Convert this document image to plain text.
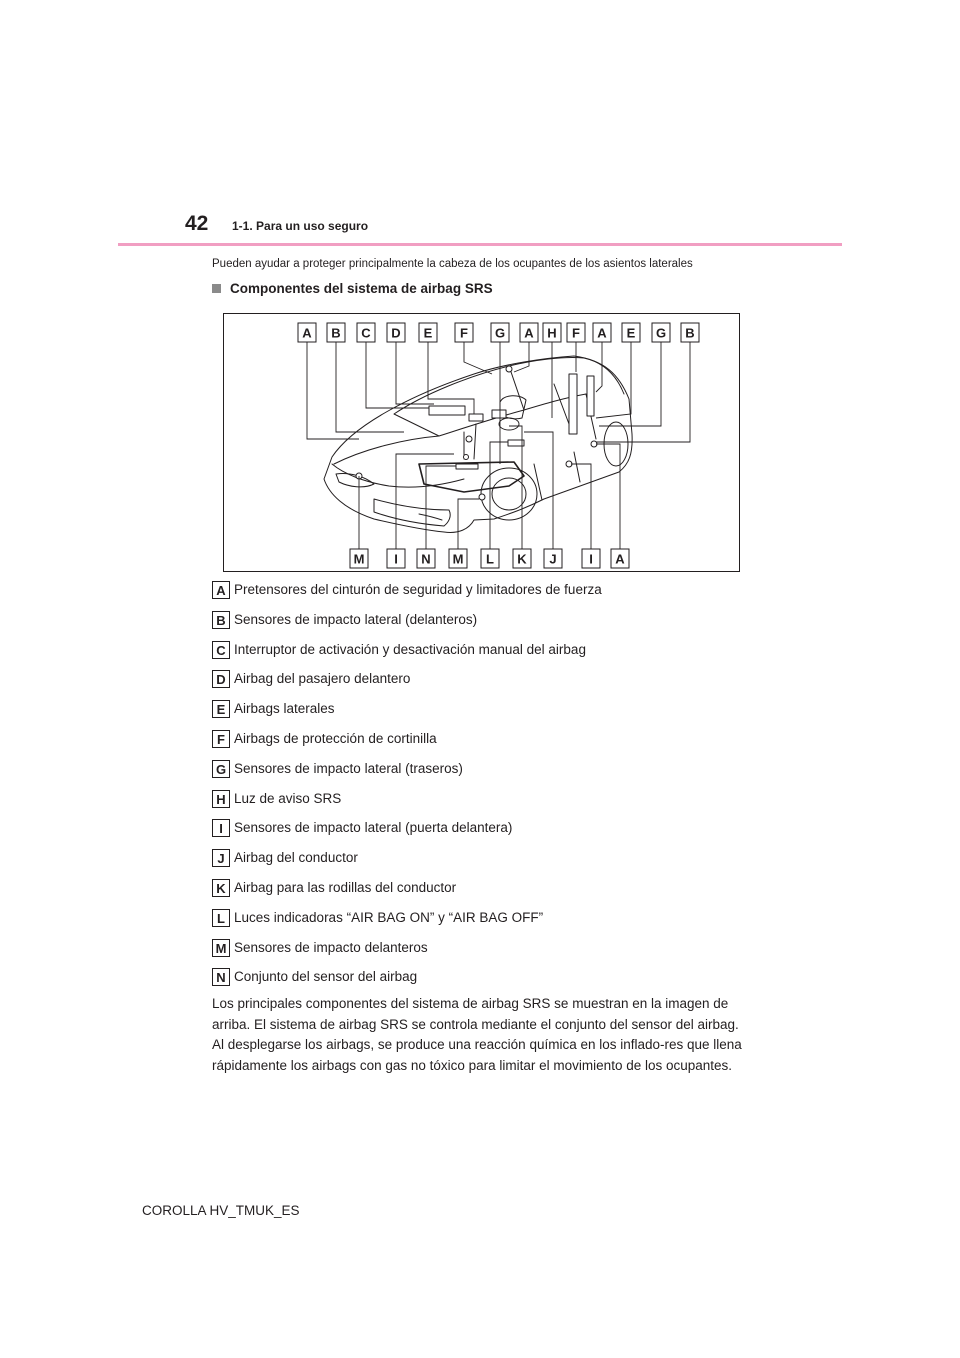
42 1-1. Para un uso seguro
Pueden ayudar a proteger principalmente la cabeza de los ocupantes de los asientos laterales
Componentes del sistema de airbag SRS
A B C D E F G A H F A E G B
M I N M L K J	I A
A Pretensores del cinturón de seguridad y limitadores de fuerza
B Sensores de impacto lateral (delanteros)
C Interruptor de activación y desactivación manual del airbag
D Airbag del pasajero delantero
E Airbags laterales
F Airbags de protección de cortinilla
G Sensores de impacto lateral (traseros)
H Luz de aviso SRS
I Sensores de impacto lateral (puerta delantera)
J Airbag del conductor
K Airbag para las rodillas del conductor
L Luces indicadoras “AIR BAG ON” y “AIR BAG OFF”
M Sensores de impacto delanteros
N Conjunto del sensor del airbag

Los principales componentes del sistema de airbag SRS se muestran en la imagen de arriba. El sistema de airbag SRS se controla mediante el conjunto del sensor del airbag. Al desplegarse los airbags, se produce una reacción química en los inflado-res que llena rápidamente los airbags con gas no tóxico para limitar el movimiento de los ocupantes.

COROLLA HV_TMUK_ES
